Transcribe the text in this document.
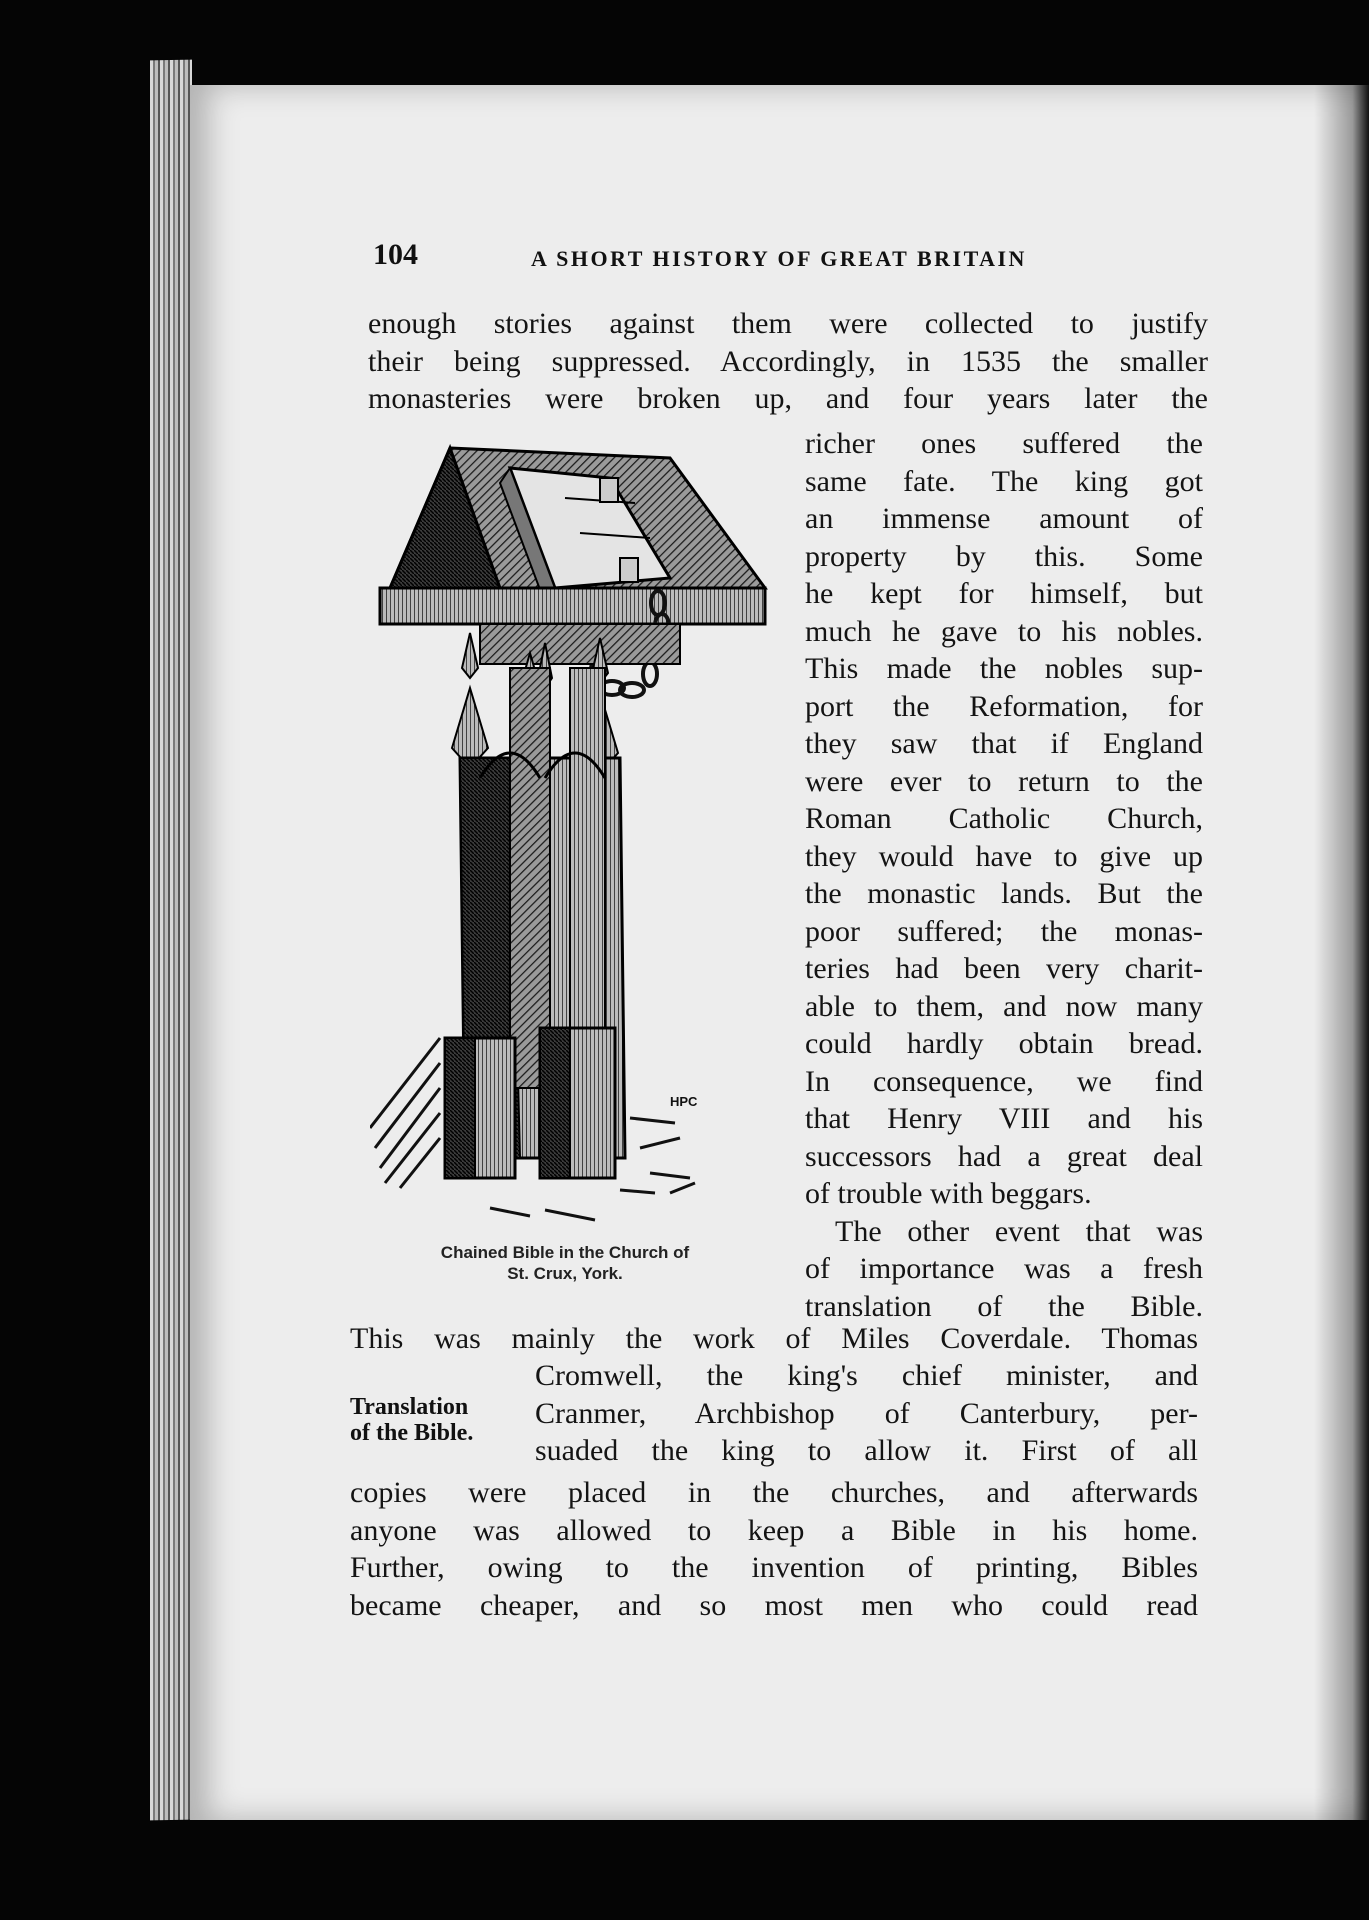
104	A SHORT HISTORY OF GREAT BRITAIN
enough stories against them were collected to justify
their being suppressed. Accordingly, in 1535 the smaller
monasteries were broken up, and four years later the
richer ones suffered the
same fate. The king got
an immense amount of
property by this. Some
he kept for himself, but
much he gave to his nobles.
This made the nobles sup-
port the Reformation, for
they saw that if England
were ever to return to the
Roman Catholic Church,
they would have to give up
the monastic lands. But the
poor suffered; the monas-
teries had been very charit-
able to them, and now many
could hardly obtain bread.
In consequence, we find
that Henry VIII and his
successors had a great deal
of trouble with beggars.
The other event that was
of importance was a fresh
translation of the Bible.
HPC
Chained Bible in the Church of
St. Crux, York.
This was mainly the work of Miles Coverdale. Thomas
Translation
of the Bible.
Cromwell, the king's chief minister, and
Cranmer, Archbishop of Canterbury, per-
suaded the king to allow it. First of all
copies were placed in the churches, and afterwards
anyone was allowed to keep a Bible in his home.
Further, owing to the invention of printing, Bibles
became cheaper, and so most men who could read
